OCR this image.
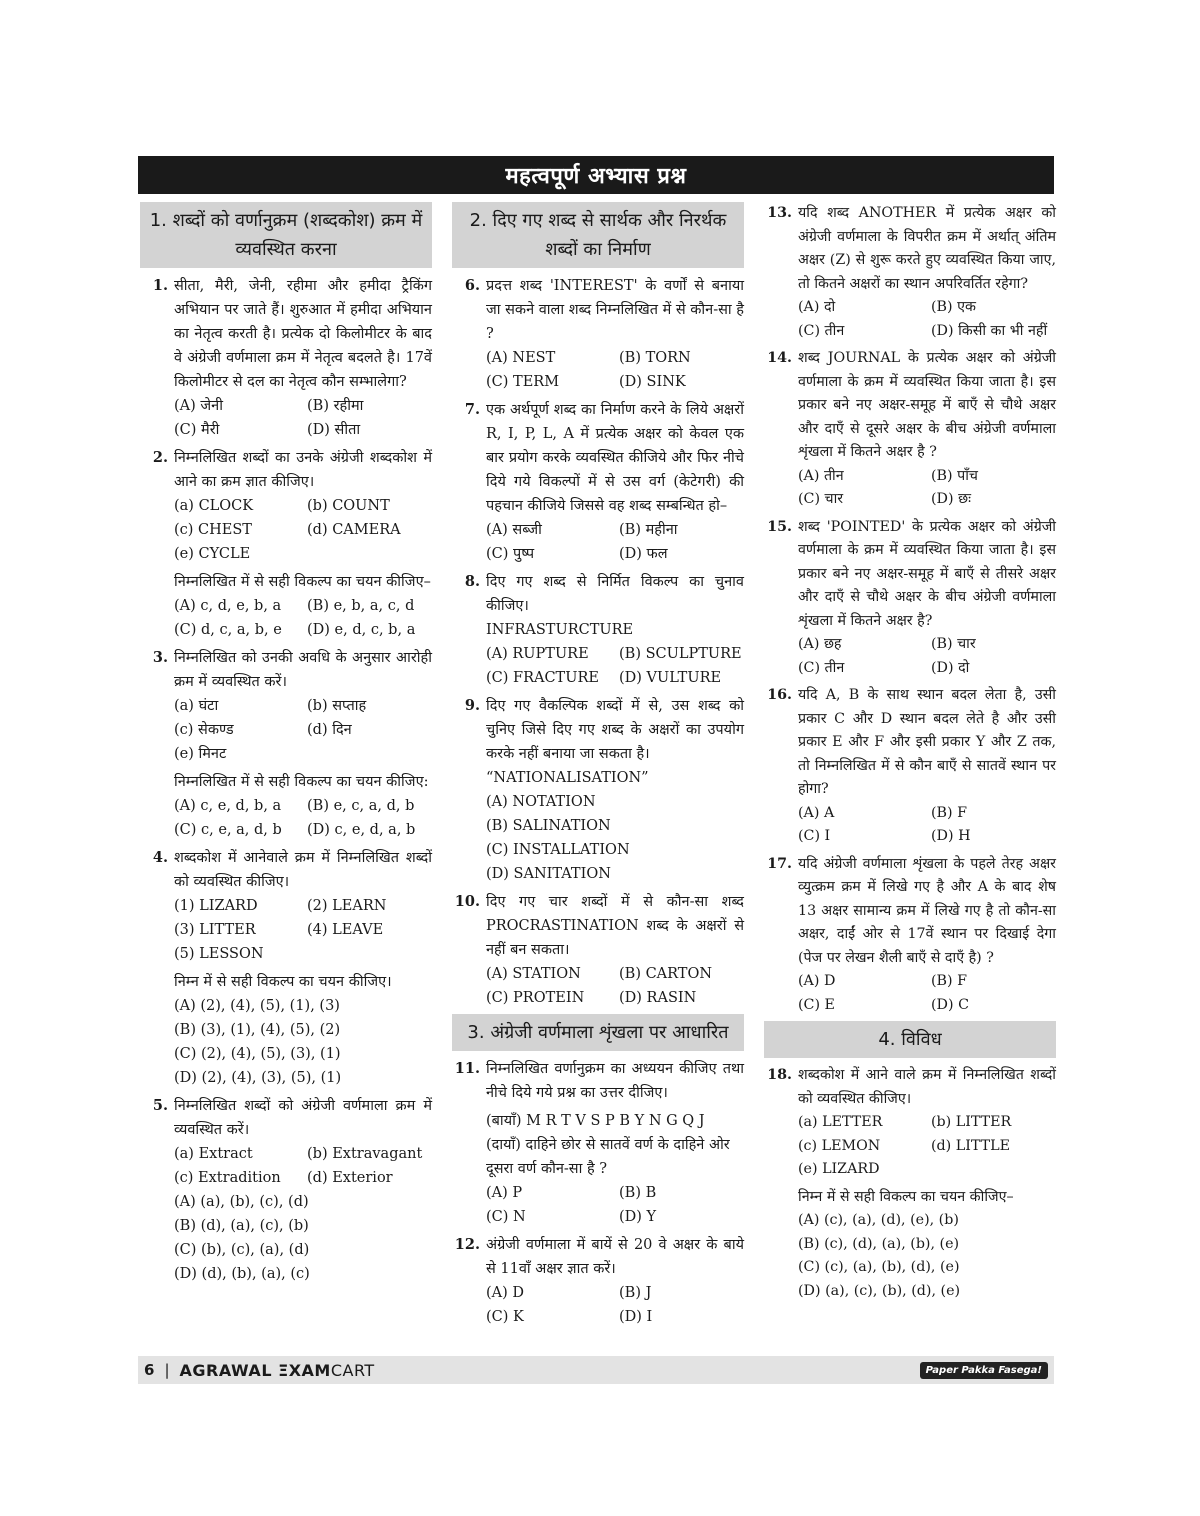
महत्वपूर्ण अभ्यास प्रश्न
1. शब्दों को वर्णानुक्रम (शब्दकोश) क्रम में व्यवस्थित करना
1. सीता, मैरी, जेनी, रहीमा और हमीदा ट्रैकिंग अभियान पर जाते हैं। शुरुआत में हमीदा अभियान का नेतृत्व करती है। प्रत्येक दो किलोमीटर के बाद वे अंग्रेजी वर्णमाला क्रम में नेतृत्व बदलते है। 17वें किलोमीटर से दल का नेतृत्व कौन सम्भालेगा?
(A) जेनी	(B) रहीमा
(C) मैरी	(D) सीता
2. निम्नलिखित शब्दों का उनके अंग्रेजी शब्दकोश में आने का क्रम ज्ञात कीजिए।
(a) CLOCK	(b) COUNT
(c) CHEST	(d) CAMERA
(e) CYCLE
निम्नलिखित में से सही विकल्प का चयन कीजिए–
(A) c, d, e, b, a	(B) e, b, a, c, d
(C) d, c, a, b, e	(D) e, d, c, b, a
3. निम्नलिखित को उनकी अवधि के अनुसार आरोही क्रम में व्यवस्थित करें।
(a) घंटा	(b) सप्ताह
(c) सेकण्ड	(d) दिन
(e) मिनट
निम्नलिखित में से सही विकल्प का चयन कीजिए:
(A) c, e, d, b, a	(B) e, c, a, d, b
(C) c, e, a, d, b	(D) c, e, d, a, b
4. शब्दकोश में आनेवाले क्रम में निम्नलिखित शब्दों को व्यवस्थित कीजिए।
(1) LIZARD	(2) LEARN
(3) LITTER	(4) LEAVE
(5) LESSON
निम्न में से सही विकल्प का चयन कीजिए।
(A) (2), (4), (5), (1), (3)
(B) (3), (1), (4), (5), (2)
(C) (2), (4), (5), (3), (1)
(D) (2), (4), (3), (5), (1)
5. निम्नलिखित शब्दों को अंग्रेजी वर्णमाला क्रम में व्यवस्थित करें।
(a) Extract	(b) Extravagant
(c) Extradition	(d) Exterior
(A) (a), (b), (c), (d)
(B) (d), (a), (c), (b)
(C) (b), (c), (a), (d)
(D) (d), (b), (a), (c)
2. दिए गए शब्द से सार्थक और निरर्थक शब्दों का निर्माण
6. प्रदत्त शब्द 'INTEREST' के वर्णों से बनाया जा सकने वाला शब्द निम्नलिखित में से कौन-सा है ?
(A) NEST	(B) TORN
(C) TERM	(D) SINK
7. एक अर्थपूर्ण शब्द का निर्माण करने के लिये अक्षरों R, I, P, L, A में प्रत्येक अक्षर को केवल एक बार प्रयोग करके व्यवस्थित कीजिये और फिर नीचे दिये गये विकल्पों में से उस वर्ग (केटेगरी) की पहचान कीजिये जिससे वह शब्द सम्बन्धित हो–
(A) सब्जी	(B) महीना
(C) पुष्प	(D) फल
8. दिए गए शब्द से निर्मित विकल्प का चुनाव कीजिए।
INFRASTURCTURE
(A) RUPTURE	(B) SCULPTURE
(C) FRACTURE	(D) VULTURE
9. दिए गए वैकल्पिक शब्दों में से, उस शब्द को चुनिए जिसे दिए गए शब्द के अक्षरों का उपयोग करके नहीं बनाया जा सकता है।
“NATIONALISATION”
(A) NOTATION
(B) SALINATION
(C) INSTALLATION
(D) SANITATION
10. दिए गए चार शब्दों में से कौन-सा शब्द PROCRASTINATION शब्द के अक्षरों से नहीं बन सकता।
(A) STATION	(B) CARTON
(C) PROTEIN	(D) RASIN
3. अंग्रेजी वर्णमाला शृंखला पर आधारित
11. निम्नलिखित वर्णानुक्रम का अध्ययन कीजिए तथा नीचे दिये गये प्रश्न का उत्तर दीजिए।
(बायाँ) M R T V S P B Y N G Q J (दायाँ) दाहिने छोर से सातवें वर्ण के दाहिने ओर दूसरा वर्ण कौन-सा है ?
(A) P	(B) B
(C) N	(D) Y
12. अंग्रेजी वर्णमाला में बायें से 20 वे अक्षर के बाये से 11वाँ अक्षर ज्ञात करें।
(A) D	(B) J
(C) K	(D) I
13. यदि शब्द ANOTHER में प्रत्येक अक्षर को अंग्रेजी वर्णमाला के विपरीत क्रम में अर्थात् अंतिम अक्षर (Z) से शुरू करते हुए व्यवस्थित किया जाए, तो कितने अक्षरों का स्थान अपरिवर्तित रहेगा?
(A) दो	(B) एक
(C) तीन	(D) किसी का भी नहीं
14. शब्द JOURNAL के प्रत्येक अक्षर को अंग्रेजी वर्णमाला के क्रम में व्यवस्थित किया जाता है। इस प्रकार बने नए अक्षर-समूह में बाएँ से चौथे अक्षर और दाएँ से दूसरे अक्षर के बीच अंग्रेजी वर्णमाला शृंखला में कितने अक्षर है ?
(A) तीन	(B) पाँच
(C) चार	(D) छः
15. शब्द 'POINTED' के प्रत्येक अक्षर को अंग्रेजी वर्णमाला के क्रम में व्यवस्थित किया जाता है। इस प्रकार बने नए अक्षर-समूह में बाएँ से तीसरे अक्षर और दाएँ से चौथे अक्षर के बीच अंग्रेजी वर्णमाला शृंखला में कितने अक्षर है?
(A) छह	(B) चार
(C) तीन	(D) दो
16. यदि A, B के साथ स्थान बदल लेता है, उसी प्रकार C और D स्थान बदल लेते है और उसी प्रकार E और F और इसी प्रकार Y और Z तक, तो निम्नलिखित में से कौन बाएँ से सातवें स्थान पर होगा?
(A) A	(B) F
(C) I	(D) H
17. यदि अंग्रेजी वर्णमाला शृंखला के पहले तेरह अक्षर व्युत्क्रम क्रम में लिखे गए है और A के बाद शेष 13 अक्षर सामान्य क्रम में लिखे गए है तो कौन-सा अक्षर, दाईं ओर से 17वें स्थान पर दिखाई देगा (पेज पर लेखन शैली बाएँ से दाएँ है) ?
(A) D	(B) F
(C) E	(D) C
4. विविध
18. शब्दकोश में आने वाले क्रम में निम्नलिखित शब्दों को व्यवस्थित कीजिए।
(a) LETTER	(b) LITTER
(c) LEMON	(d) LITTLE
(e) LIZARD
निम्न में से सही विकल्प का चयन कीजिए–
(A) (c), (a), (d), (e), (b)
(B) (c), (d), (a), (b), (e)
(C) (c), (a), (b), (d), (e)
(D) (a), (c), (b), (d), (e)
6 | AGRAWAL ΞXAMCART	Paper Pakka Fasega!
